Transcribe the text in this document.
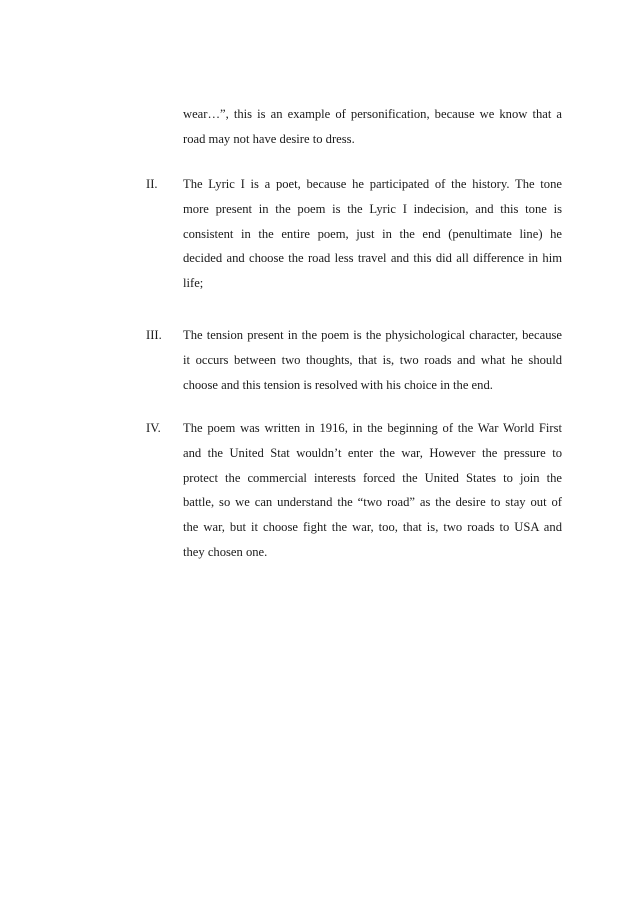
wear…”, this is an example of personification, because we know that a
road may not have desire to dress.
II. The Lyric I is a poet, because he participated of the history. The tone
more present in the poem is the Lyric I indecision, and this tone is
consistent in the entire poem, just in the end (penultimate line) he
decided and choose the road less travel and this did all difference in him
life;
III. The tension present in the poem is the physichological character, because
it occurs between two thoughts, that is, two roads and what he should
choose and this tension is resolved with his choice in the end.
IV. The poem was written in 1916, in the beginning of the War World First
and the United Stat wouldn’t enter the war, However the pressure to
protect the commercial interests forced the United States to join the
battle, so we can understand the “two road” as the desire to stay out of
the war, but it choose fight the war, too, that is, two roads to USA and
they chosen one.
